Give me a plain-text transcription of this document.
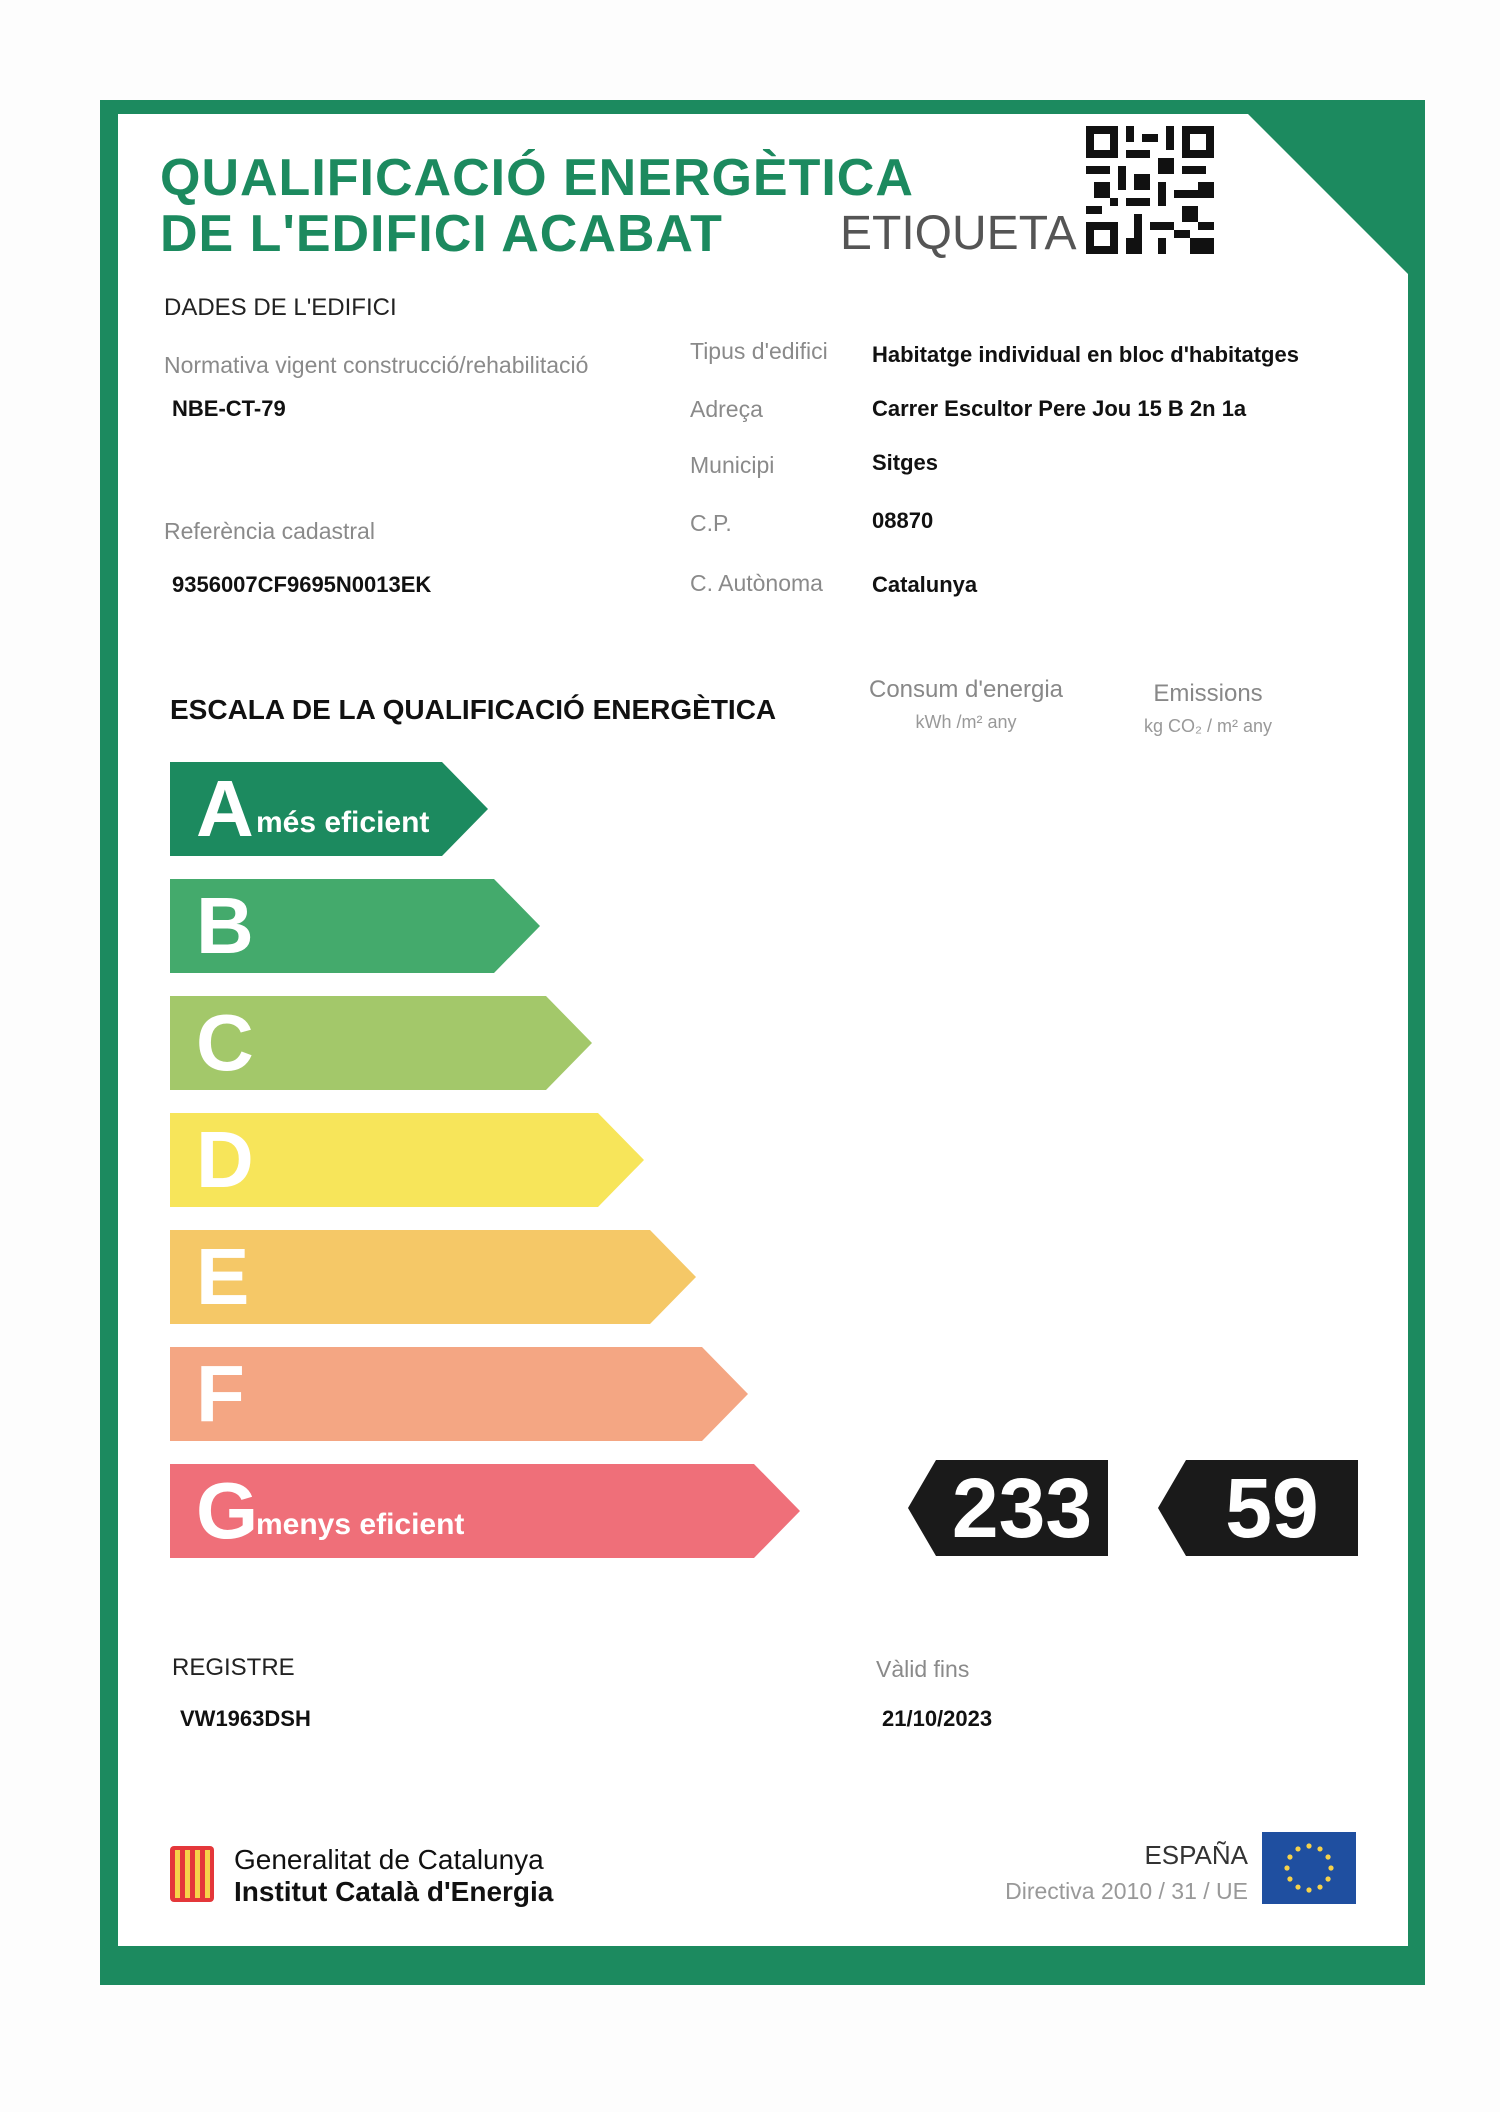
QUALIFICACIÓ ENERGÈTICA
DE L'EDIFICI ACABAT ETIQUETA
DADES DE L'EDIFICI
Normativa vigent construcció/rehabilitació
NBE-CT-79
Referència cadastral
9356007CF9695N0013EK
Tipus d'edifici Habitatge individual en bloc d'habitatges
Adreça	Carrer Escultor Pere Jou 15 B 2n 1a
Municipi	Sitges
C.P.	08870
C. Autònoma Catalunya
ESCALA DE LA QUALIFICACIÓ ENERGÈTICA
Consum d'energia
kWh /m² any
Emissions
kg CO₂ / m² any
A més eficient
B
C
D
E
F
G
menys eficient	233	59
REGISTRE
VW1963DSH
Vàlid fins
21/10/2023
Generalitat de Catalunya
Institut Català d'Energia
ESPAÑA
Directiva 2010 / 31 / UE
